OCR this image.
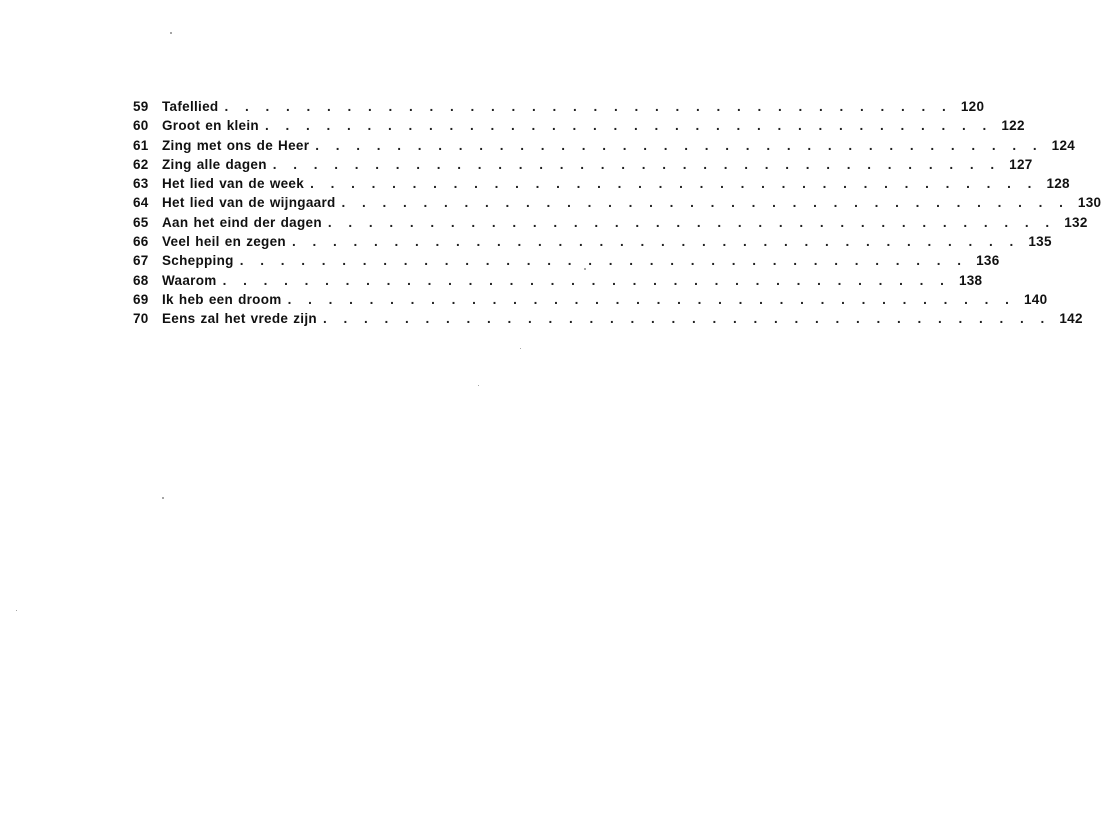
59 Tafellied . . . . . . . . . . . . . . . . . . . . . . . . . . . . . . . . . . . . 120
60 Groot en klein . . . . . . . . . . . . . . . . . . . . . . . . . . . . . . . . . . . . 122
61 Zing met ons de Heer . . . . . . . . . . . . . . . . . . . . . . . . . . . . . . . . . . . . 124
62 Zing alle dagen . . . . . . . . . . . . . . . . . . . . . . . . . . . . . . . . . . . . 127
63 Het lied van de week . . . . . . . . . . . . . . . . . . . . . . . . . . . . . . . . . . . . 128
64 Het lied van de wijngaard . . . . . . . . . . . . . . . . . . . . . . . . . . . . . . . . . . . . 130
65 Aan het eind der dagen . . . . . . . . . . . . . . . . . . . . . . . . . . . . . . . . . . . . 132
66 Veel heil en zegen . . . . . . . . . . . . . . . . . . . . . . . . . . . . . . . . . . . . 135
67 Schepping . . . . . . . . . . . . . . . . . . . . . . . . . . . . . . . . . . . . 136
68 Waarom . . . . . . . . . . . . . . . . . . . . . . . . . . . . . . . . . . . . 138
69 Ik heb een droom . . . . . . . . . . . . . . . . . . . . . . . . . . . . . . . . . . . . 140
70 Eens zal het vrede zijn . . . . . . . . . . . . . . . . . . . . . . . . . . . . . . . . . . . . 142
